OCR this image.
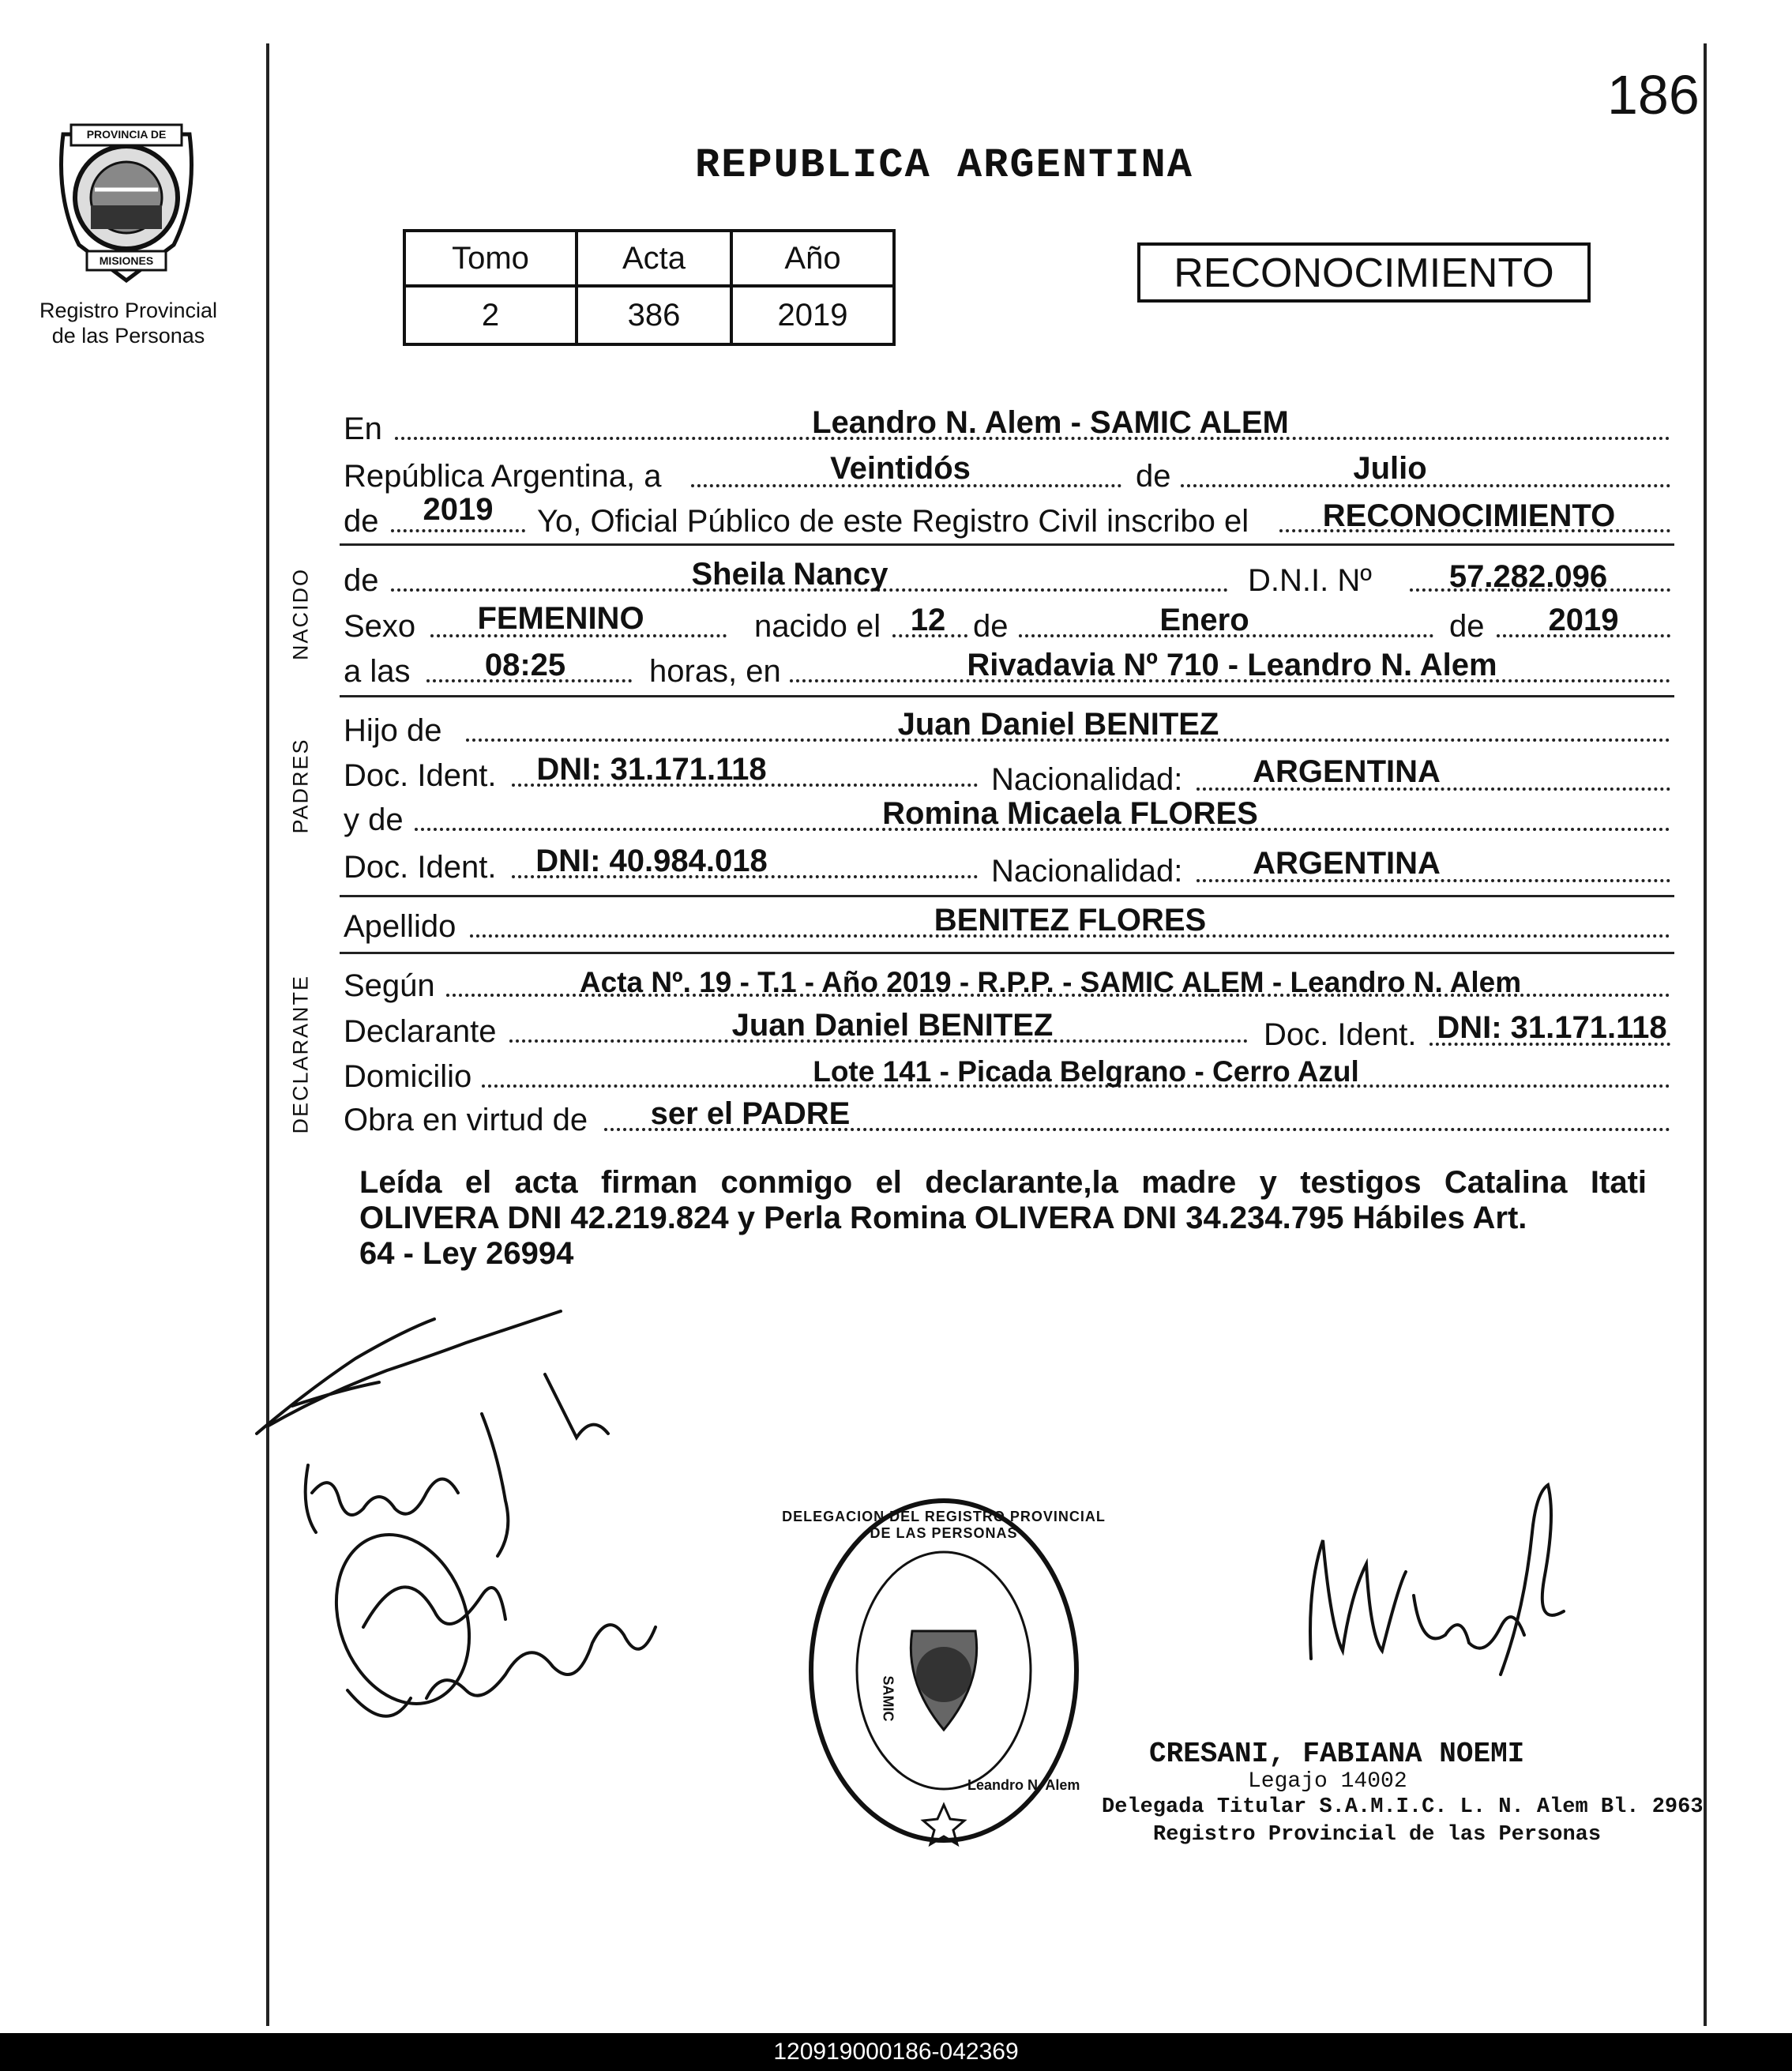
186
PROVINCIA DE
MISIONES
Registro Provincial
de las Personas
REPUBLICA ARGENTINA
Tomo	Acta	Año
2	386	2019
RECONOCIMIENTO
NACIDO
PADRES
DECLARANTE
En	Leandro N. Alem - SAMIC ALEM
República Argentina, a	Veintidós	de	Julio
de	2019	Yo, Oficial Público de este Registro Civil inscribo el	RECONOCIMIENTO
de	Sheila Nancy	D.N.I. Nº	57.282.096
Sexo	FEMENINO	nacido el 12 de	Enero	de	2019
a las	08:25	horas, en	Rivadavia Nº 710 - Leandro N. Alem
Hijo de	Juan Daniel BENITEZ
Doc. Ident.	DNI: 31.171.118	Nacionalidad:	ARGENTINA
y de	Romina Micaela FLORES
Doc. Ident.	DNI: 40.984.018	Nacionalidad:	ARGENTINA
Apellido	BENITEZ FLORES
Según	Acta Nº. 19 - T.1 - Año 2019 - R.P.P. - SAMIC ALEM - Leandro N. Alem
Declarante	Juan Daniel BENITEZ	Doc. Ident. DNI: 31.171.118
Domicilio	Lote 141 - Picada Belgrano - Cerro Azul
Obra en virtud de ser el PADRE
Leída el acta firman conmigo el declarante,la madre y testigos Catalina Itati
OLIVERA DNI 42.219.824 y Perla Romina OLIVERA DNI 34.234.795 Hábiles Art.
64 - Ley 26994
DELEGACION DEL REGISTRO PROVINCIAL DE LAS PERSONAS
SAMIC
Leandro N. Alem
CRESANI, FABIANA NOEMI
Legajo 14002
Delegada Titular S.A.M.I.C. L. N. Alem Bl. 2963
Registro Provincial de las Personas
120919000186-042369
